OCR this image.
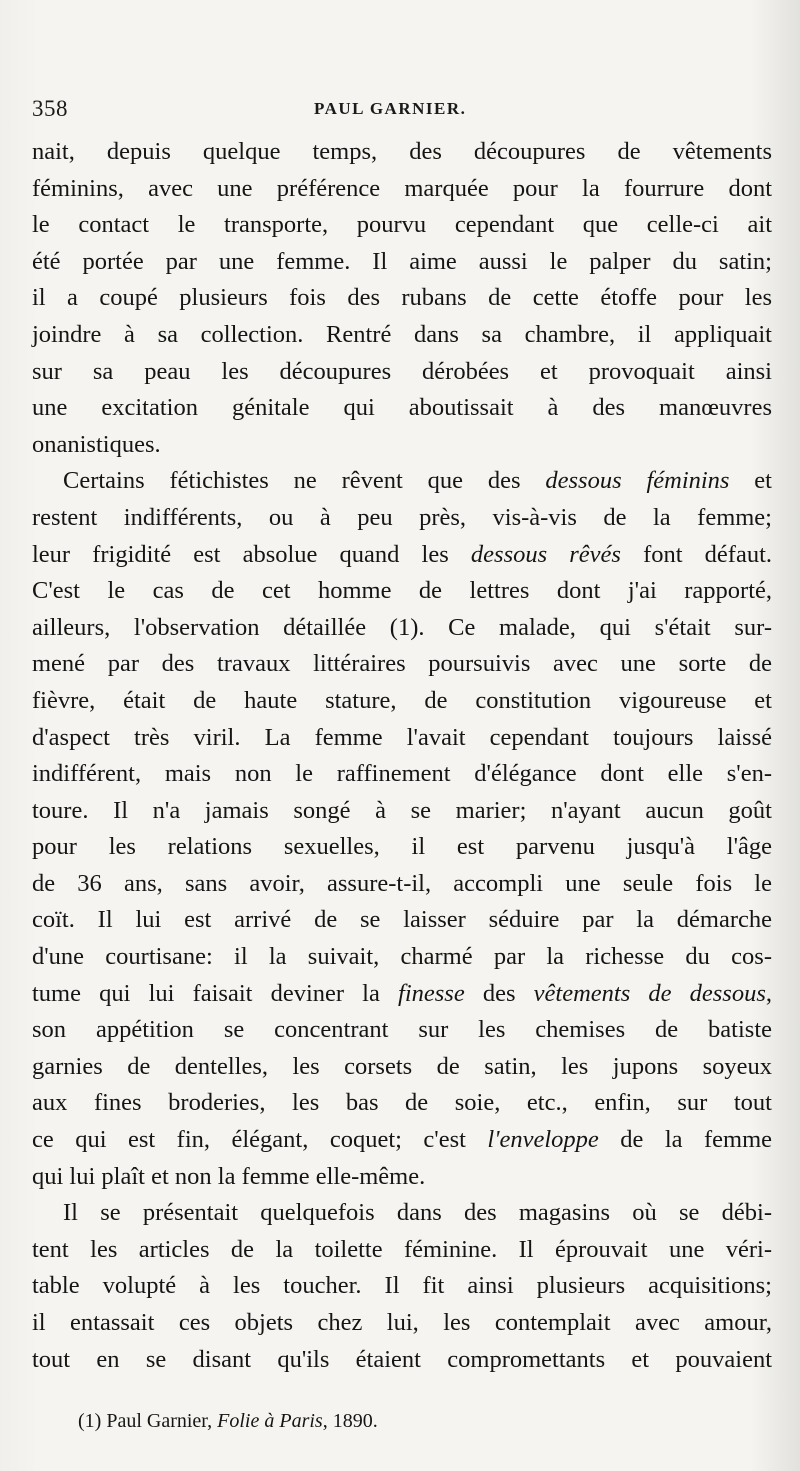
358	PAUL GARNIER.

nait, depuis quelque temps, des découpures de vêtements
féminins, avec une préférence marquée pour la fourrure dont
le contact le transporte, pourvu cependant que celle-ci ait
été portée par une femme. Il aime aussi le palper du satin;
il a coupé plusieurs fois des rubans de cette étoffe pour les
joindre à sa collection. Rentré dans sa chambre, il appliquait
sur sa peau les découpures dérobées et provoquait ainsi
une excitation génitale qui aboutissait à des manœuvres
onanistiques.

Certains fétichistes ne rêvent que des dessous féminins et
restent indifférents, ou à peu près, vis-à-vis de la femme;
leur frigidité est absolue quand les dessous rêvés font défaut.
C'est le cas de cet homme de lettres dont j'ai rapporté,
ailleurs, l'observation détaillée (1). Ce malade, qui s'était sur-
mené par des travaux littéraires poursuivis avec une sorte de
fièvre, était de haute stature, de constitution vigoureuse et
d'aspect très viril. La femme l'avait cependant toujours laissé
indifférent, mais non le raffinement d'élégance dont elle s'en-
toure. Il n'a jamais songé à se marier; n'ayant aucun goût
pour les relations sexuelles, il est parvenu jusqu'à l'âge
de 36 ans, sans avoir, assure-t-il, accompli une seule fois le
coït. Il lui est arrivé de se laisser séduire par la démarche
d'une courtisane: il la suivait, charmé par la richesse du cos-
tume qui lui faisait deviner la finesse des vêtements de dessous,
son appétition se concentrant sur les chemises de batiste
garnies de dentelles, les corsets de satin, les jupons soyeux
aux fines broderies, les bas de soie, etc., enfin, sur tout
ce qui est fin, élégant, coquet; c'est l'enveloppe de la femme
qui lui plaît et non la femme elle-même.

Il se présentait quelquefois dans des magasins où se débi-
tent les articles de la toilette féminine. Il éprouvait une véri-
table volupté à les toucher. Il fit ainsi plusieurs acquisitions;
il entassait ces objets chez lui, les contemplait avec amour,
tout en se disant qu'ils étaient compromettants et pouvaient

(1) Paul Garnier, Folie à Paris, 1890.
